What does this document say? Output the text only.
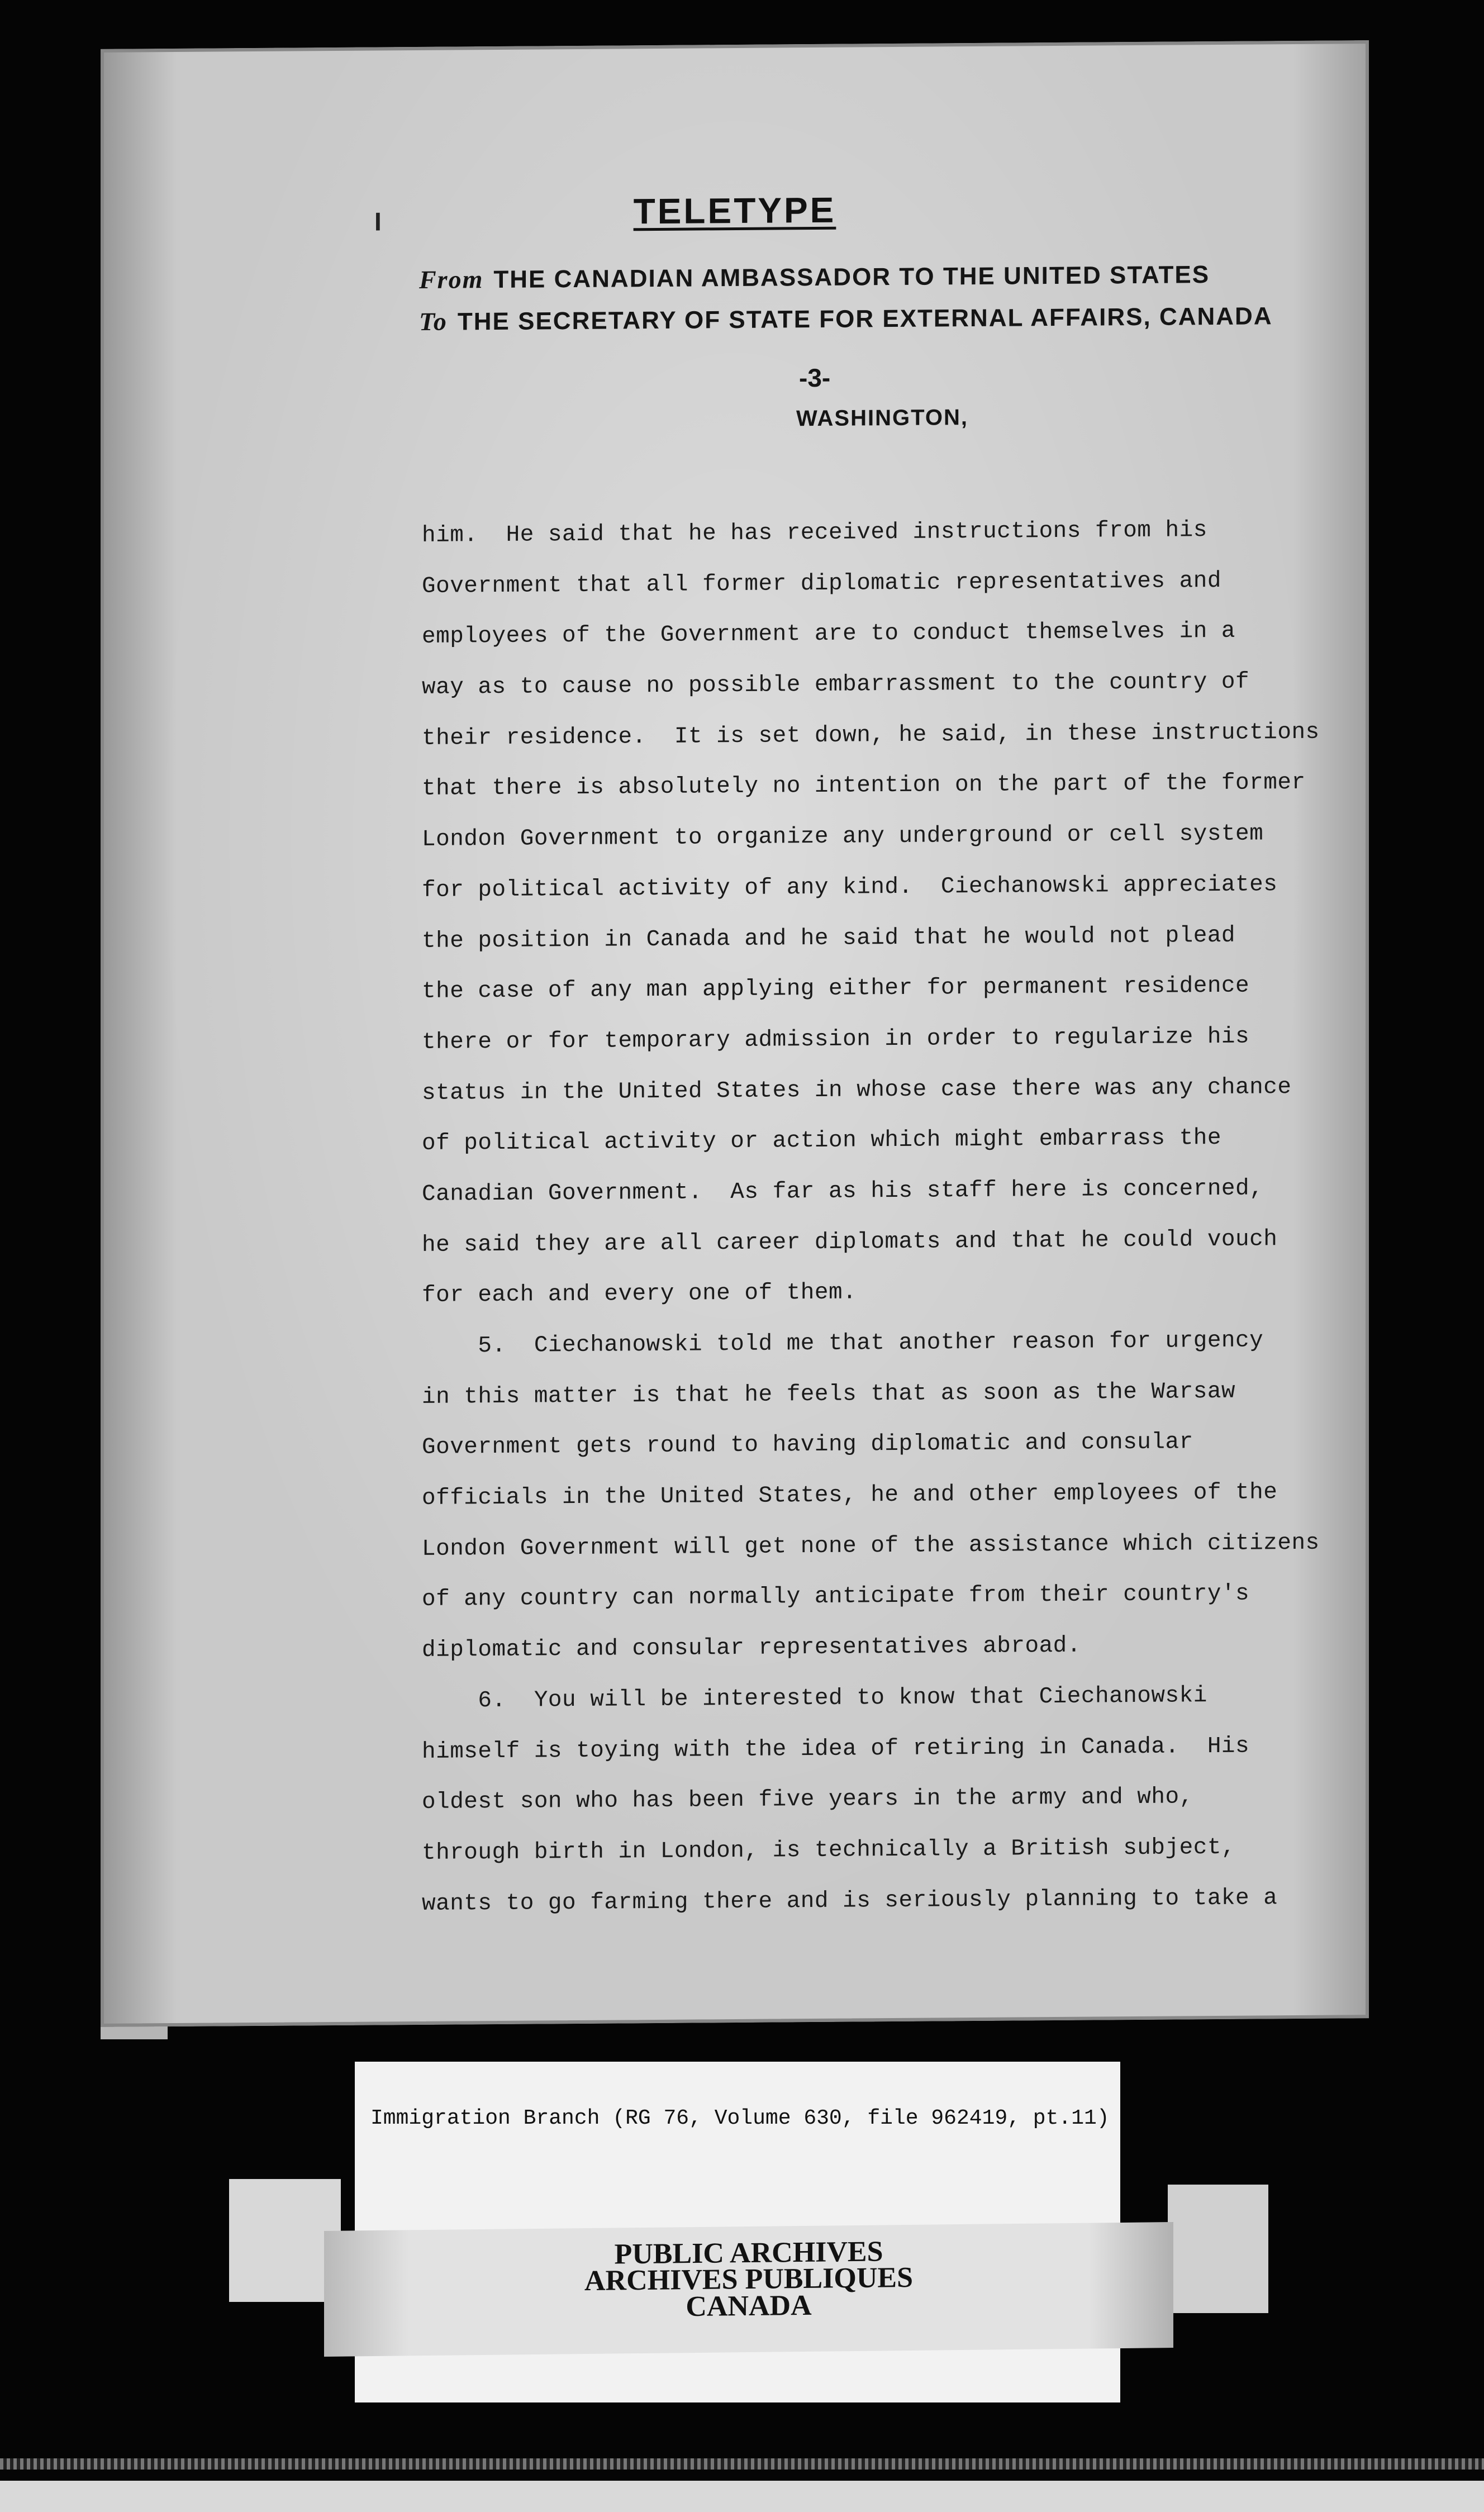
I	TELETYPE
From THE CANADIAN AMBASSADOR TO THE UNITED STATES
To THE SECRETARY OF STATE FOR EXTERNAL AFFAIRS, CANADA
-3-
WASHINGTON,
him.  He said that he has received instructions from his
Government that all former diplomatic representatives and
employees of the Government are to conduct themselves in a
way as to cause no possible embarrassment to the country of
their residence.  It is set down, he said, in these instructions
that there is absolutely no intention on the part of the former
London Government to organize any underground or cell system
for political activity of any kind.  Ciechanowski appreciates
the position in Canada and he said that he would not plead
the case of any man applying either for permanent residence
there or for temporary admission in order to regularize his
status in the United States in whose case there was any chance
of political activity or action which might embarrass the
Canadian Government.  As far as his staff here is concerned,
he said they are all career diplomats and that he could vouch
for each and every one of them.
5.  Ciechanowski told me that another reason for urgency
in this matter is that he feels that as soon as the Warsaw
Government gets round to having diplomatic and consular
officials in the United States, he and other employees of the
London Government will get none of the assistance which citizens
of any country can normally anticipate from their country's
diplomatic and consular representatives abroad.
6.  You will be interested to know that Ciechanowski
himself is toying with the idea of retiring in Canada.  His
oldest son who has been five years in the army and who,
through birth in London, is technically a British subject,
wants to go farming there and is seriously planning to take a
Immigration Branch (RG 76, Volume 630, file 962419, pt.11)
PUBLIC ARCHIVES
ARCHIVES PUBLIQUES
CANADA
